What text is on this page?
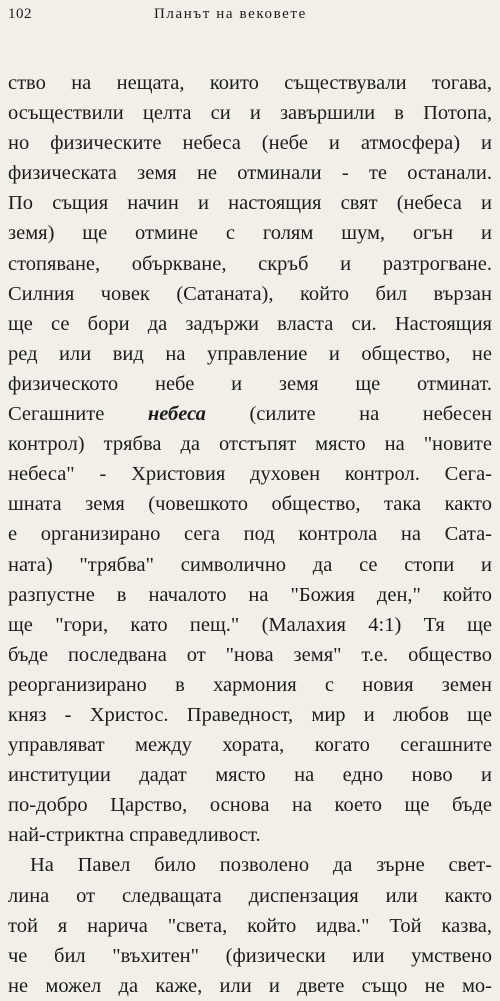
102	Планът на вековете
ство на нещата, които съществували тогава,
осъществили целта си и завършили в Потопа,
но физическите небеса (небе и атмосфера) и
физическата земя не отминали - те останали.
По същия начин и настоящия свят (небеса и
земя) ще отмине с голям шум, огън и
стопяване, объркване, скръб и разтрогване.
Силния човек (Сатаната), който бил вързан
ще се бори да задържи власта си. Настоящия
ред или вид на управление и общество, не
физическото небе и земя ще отминат.
Сегашните небеса (силите на небесен
контрол) трябва да отстъпят място на "новите
небеса" - Христовия духовен контрол. Сега-
шната земя (човешкото общество, така както
е организирано сега под контрола на Сата-
ната) "трябва" символично да се стопи и
разпустне в началото на "Божия ден," който
ще "гори, като пещ." (Малахия 4:1) Тя ще
бъде последвана от "нова земя" т.е. общество
реорганизирано в хармония с новия земен
княз - Христос. Праведност, мир и любов ще
управляват между хората, когато сегашните
институции дадат място на едно ново и
по-добро Царство, основа на което ще бъде
най-стриктна справедливост.
На Павел било позволено да зърне свет-
лина от следващата диспензация или както
той я нарича "света, който идва." Той казва,
че бил "въхитен" (физически или умствено
не можел да каже, или и двете също не мо-
